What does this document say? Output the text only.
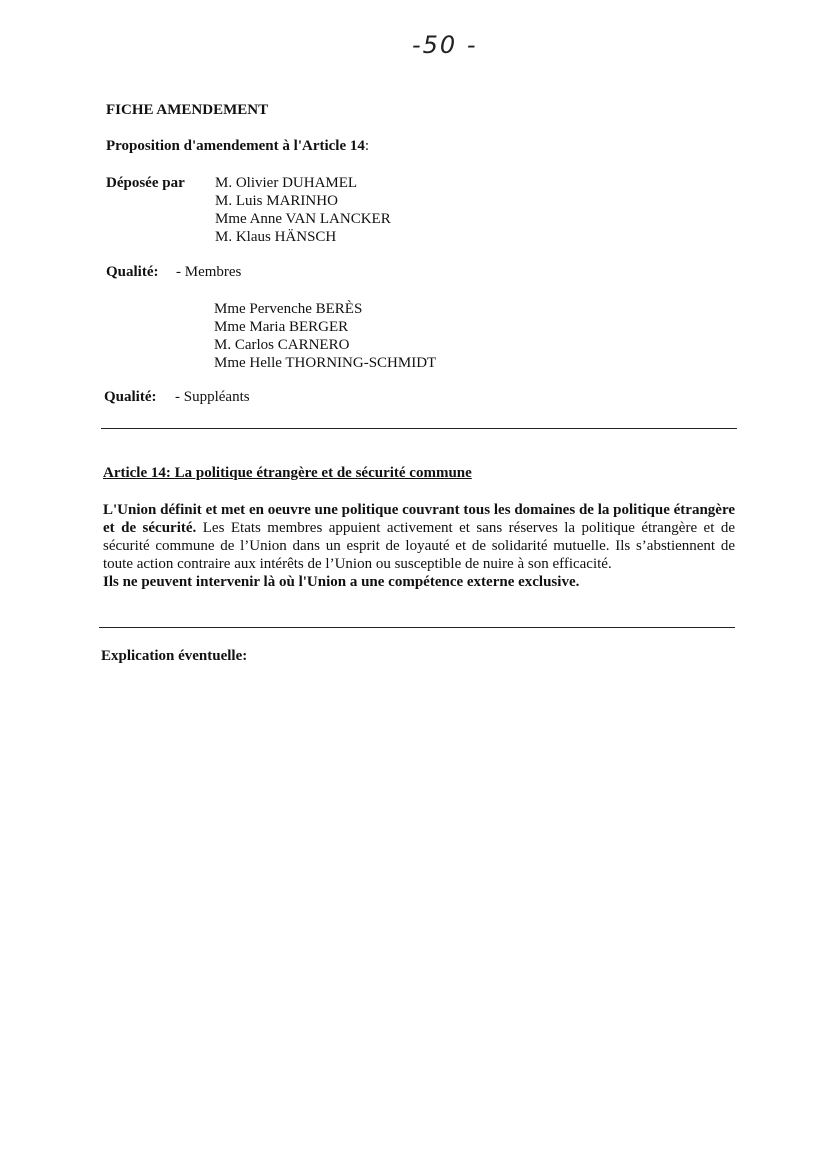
-50 -
FICHE AMENDEMENT
Proposition d'amendement à l'Article 14:
Déposée par M. Olivier DUHAMEL
M. Luis MARINHO
Mme Anne VAN LANCKER
M. Klaus HÄNSCH
Qualité: - Membres
Mme Pervenche BERÈS
Mme Maria BERGER
M. Carlos CARNERO
Mme Helle THORNING-SCHMIDT
Qualité: - Suppléants
Article 14: La politique étrangère et de sécurité commune

L'Union définit et met en oeuvre une politique couvrant tous les domaines de la politique étrangère et de sécurité. Les Etats membres appuient activement et sans réserves la politique étrangère et de sécurité commune de l’Union dans un esprit de loyauté et de solidarité mutuelle. Ils s’abstiennent de toute action contraire aux intérêts de l’Union ou susceptible de nuire à son efficacité.

Ils ne peuvent intervenir là où l'Union a une compétence externe exclusive.

Explication éventuelle:
